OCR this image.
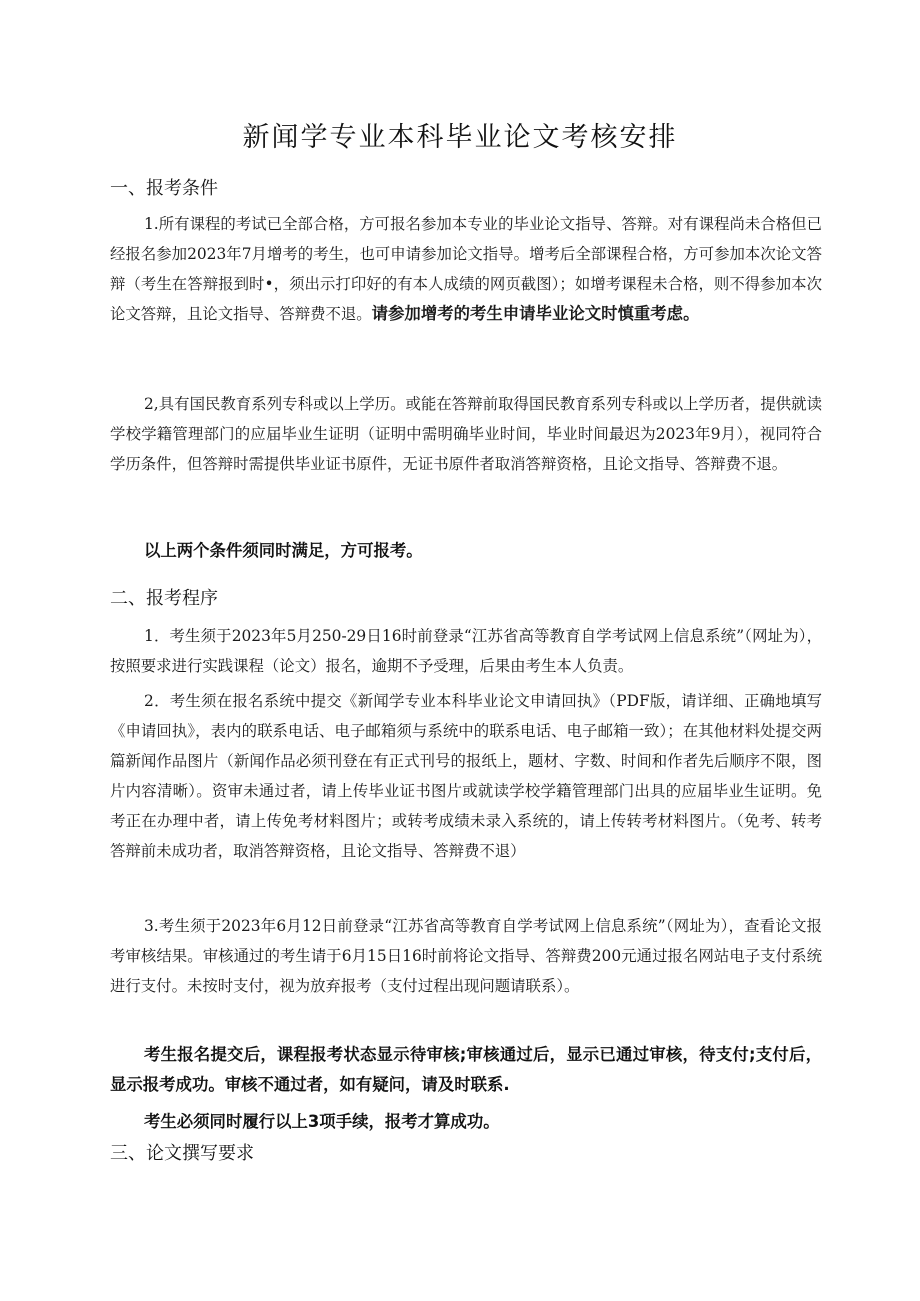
新闻学专业本科毕业论文考核安排
一、报考条件

1.所有课程的考试已全部合格，方可报名参加本专业的毕业论文指导、答辩。对有课程尚未合格但已经报名参加2023年7月增考的考生，也可申请参加论文指导。增考后全部课程合格，方可参加本次论文答辩（考生在答辩报到时•，须出示打印好的有本人成绩的网页截图）；如增考课程未合格，则不得参加本次论文答辩，且论文指导、答辩费不退。请参加增考的考生申请毕业论文时慎重考虑。

2,具有国民教育系列专科或以上学历。或能在答辩前取得国民教育系列专科或以上学历者，提供就读学校学籍管理部门的应届毕业生证明（证明中需明确毕业时间，毕业时间最迟为2023年9月），视同符合学历条件，但答辩时需提供毕业证书原件，无证书原件者取消答辩资格，且论文指导、答辩费不退。

以上两个条件须同时满足，方可报考。

二、报考程序

1．考生须于2023年5月250-29日16时前登录“江苏省高等教育自学考试网上信息系统”（网址为），按照要求进行实践课程（论文）报名，逾期不予受理，后果由考生本人负责。

2．考生须在报名系统中提交《新闻学专业本科毕业论文申请回执》（PDF版，请详细、正确地填写《申请回执》，表内的联系电话、电子邮箱须与系统中的联系电话、电子邮箱一致）；在其他材料处提交两篇新闻作品图片（新闻作品必须刊登在有正式刊号的报纸上，题材、字数、时间和作者先后顺序不限，图片内容清晰）。资审未通过者，请上传毕业证书图片或就读学校学籍管理部门出具的应届毕业生证明。免考正在办理中者，请上传免考材料图片；或转考成绩未录入系统的，请上传转考材料图片。（免考、转考答辩前未成功者，取消答辩资格，且论文指导、答辩费不退）

3.考生须于2023年6月12日前登录“江苏省高等教育自学考试网上信息系统”（网址为），查看论文报考审核结果。审核通过的考生请于6月15日16时前将论文指导、答辩费200元通过报名网站电子支付系统进行支付。未按时支付，视为放弃报考（支付过程出现问题请联系）。

考生报名提交后，课程报考状态显示待审核;审核通过后，显示已通过审核，待支付;支付后，显示报考成功。审核不通过者，如有疑问，请及时联系.

考生必须同时履行以上3项手续，报考才算成功。

三、论文撰写要求
